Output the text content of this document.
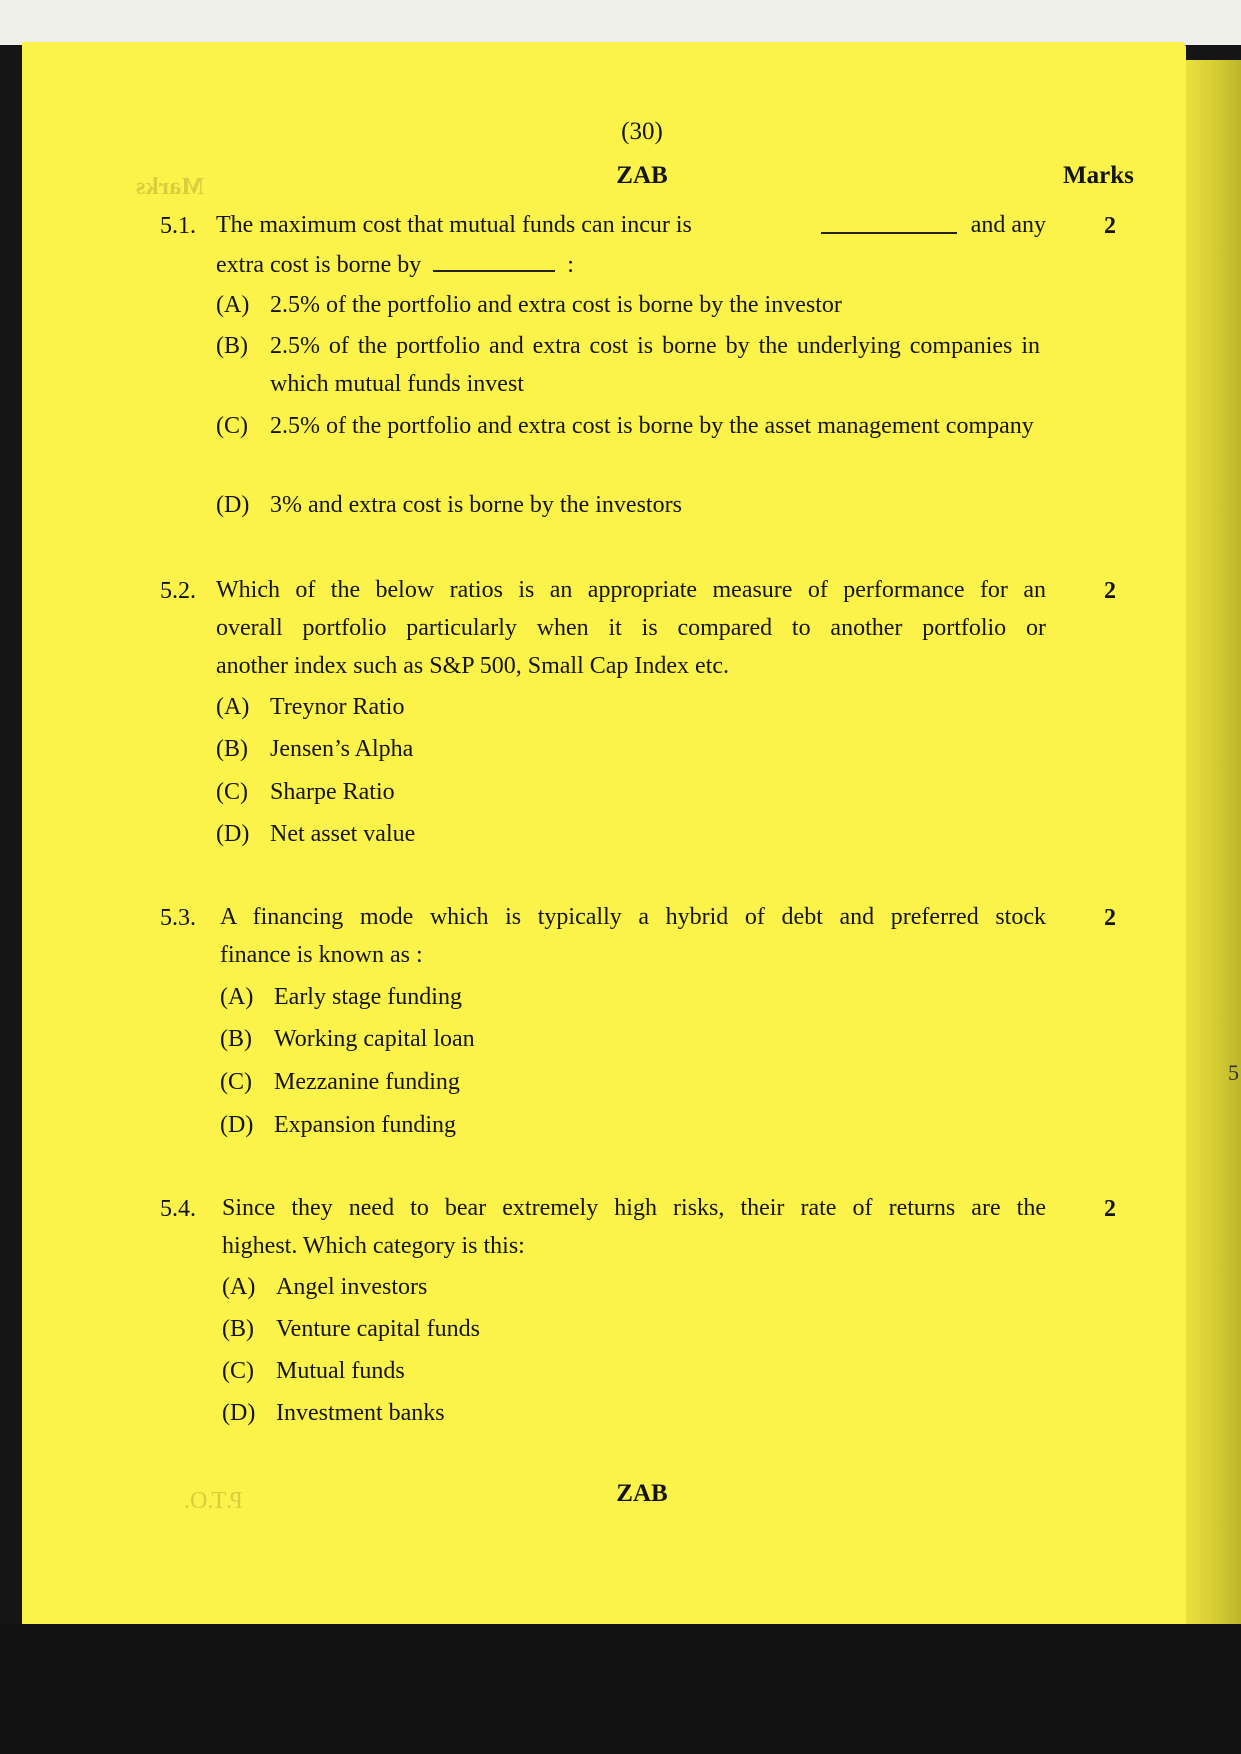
Marks
(30)
ZAB	Marks
5.1. The maximum cost that mutual funds can incur is	and any
extra cost is borne by	:
2
(A) 2.5% of the portfolio and extra cost is borne by the investor
(B) 2.5% of the portfolio and extra cost is borne by the underlying companies in which mutual funds invest
(C) 2.5% of the portfolio and extra cost is borne by the asset management company
(D) 3% and extra cost is borne by the investors
5.2. Which of the below ratios is an appropriate measure of performance for an
overall portfolio particularly when it is compared to another portfolio or
another index such as S&P 500, Small Cap Index etc.
2
(A) Treynor Ratio
(B) Jensen’s Alpha
(C) Sharpe Ratio
(D) Net asset value
5.3. A financing mode which is typically a hybrid of debt and preferred stock
finance is known as :
2
(A) Early stage funding
(B) Working capital loan
(C) Mezzanine funding
(D) Expansion funding
5.4. Since they need to bear extremely high risks, their rate of returns are the
highest. Which category is this:
2
(A) Angel investors
(B) Venture capital funds
(C) Mutual funds
(D) Investment banks
ZAB
P.T.O.
5
